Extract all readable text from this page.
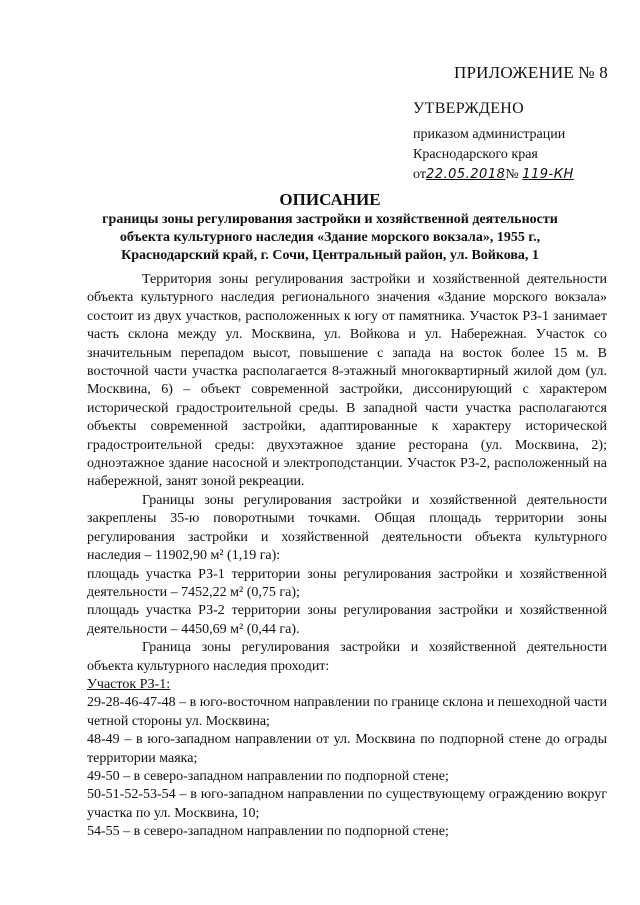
ПРИЛОЖЕНИЕ № 8
УТВЕРЖДЕНО
приказом администрации
Краснодарского края
от22.05.2018№ 119-КН
ОПИСАНИЕ
границы зоны регулирования застройки и хозяйственной деятельности
объекта культурного наследия «Здание морского вокзала», 1955 г.,
Краснодарский край, г. Сочи, Центральный район, ул. Войкова, 1

Территория зоны регулирования застройки и хозяйственной деятельности объекта культурного наследия регионального значения «Здание морского вокзала» состоит из двух участков, расположенных к югу от памятника. Участок РЗ-1 занимает часть склона между ул. Москвина, ул. Войкова и ул. Набережная. Участок со значительным перепадом высот, повышение с запада на восток более 15 м. В восточной части участка располагается 8-этажный многоквартирный жилой дом (ул. Москвина, 6) – объект современной застройки, диссонирующий с характером исторической градостроительной среды. В западной части участка располагаются объекты современной застройки, адаптированные к характеру исторической градостроительной среды: двухэтажное здание ресторана (ул. Москвина, 2); одноэтажное здание насосной и электроподстанции. Участок РЗ-2, расположенный на набережной, занят зоной рекреации.

Границы зоны регулирования застройки и хозяйственной деятельности закреплены 35-ю поворотными точками. Общая площадь территории зоны регулирования застройки и хозяйственной деятельности объекта культурного наследия – 11902,90 м² (1,19 га):

площадь участка РЗ-1 территории зоны регулирования застройки и хозяйственной деятельности – 7452,22 м² (0,75 га);

площадь участка РЗ-2 территории зоны регулирования застройки и хозяйственной деятельности – 4450,69 м² (0,44 га).

Граница зоны регулирования застройки и хозяйственной деятельности объекта культурного наследия проходит:

Участок РЗ-1:

29-28-46-47-48 – в юго-восточном направлении по границе склона и пешеходной части четной стороны ул. Москвина;

48-49 – в юго-западном направлении от ул. Москвина по подпорной стене до ограды территории маяка;

49-50 – в северо-западном направлении по подпорной стене;

50-51-52-53-54 – в юго-западном направлении по существующему ограждению вокруг участка по ул. Москвина, 10;

54-55 – в северо-западном направлении по подпорной стене;
